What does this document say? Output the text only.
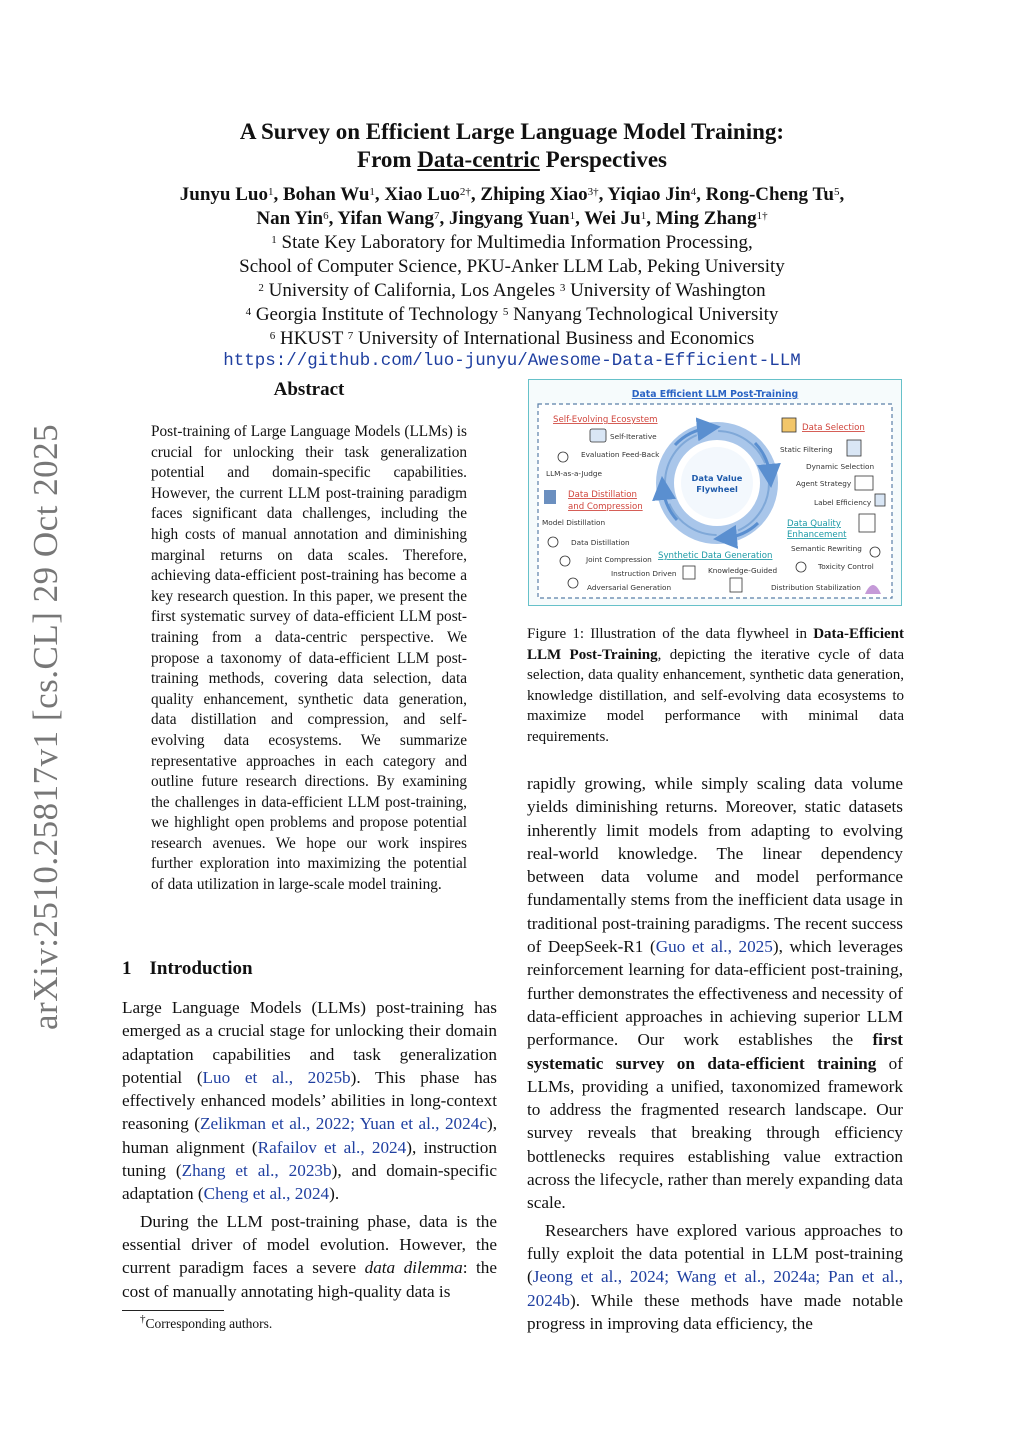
arXiv:2510.25817v1 [cs.CL] 29 Oct 2025
A Survey on Efficient Large Language Model Training:
From Data-centric Perspectives
Junyu Luo$^1$, Bohan Wu$^1$, Xiao Luo$^{2\dagger}$, Zhiping Xiao$^{3\dagger}$, Yiqiao Jin$^4$, Rong-Cheng Tu$^5$,
Nan Yin$^6$, Yifan Wang$^7$, Jingyang Yuan$^1$, Wei Ju$^1$, Ming Zhang$^{1\dagger}$
$^1$ State Key Laboratory for Multimedia Information Processing,
School of Computer Science, PKU-Anker LLM Lab, Peking University
$^2$ University of California, Los Angeles $^3$ University of Washington
$^4$ Georgia Institute of Technology $^5$ Nanyang Technological University
$^6$ HKUST $^7$ University of International Business and Economics
https://github.com/luo-junyu/Awesome-Data-Efficient-LLM
Abstract
Post-training of Large Language Models (LLMs) is crucial for unlocking their task generalization potential and domain-specific capabilities. However, the current LLM post-training paradigm faces significant data challenges, including the high costs of manual annotation and diminishing marginal returns on data scales. Therefore, achieving data-efficient post-training has become a key research question. In this paper, we present the first systematic survey of data-efficient LLM post-training from a data-centric perspective. We propose a taxonomy of data-efficient LLM post-training methods, covering data selection, data quality enhancement, synthetic data generation, data distillation and compression, and self-evolving data ecosystems. We summarize representative approaches in each category and outline future research directions. By examining the challenges in data-efficient LLM post-training, we highlight open problems and propose potential research avenues. We hope our work inspires further exploration into maximizing the potential of data utilization in large-scale model training.
1 Introduction

Large Language Models (LLMs) post-training has emerged as a crucial stage for unlocking their domain adaptation capabilities and task generalization potential (Luo et al., 2025b). This phase has effectively enhanced models’ abilities in long-context reasoning (Zelikman et al., 2022; Yuan et al., 2024c), human alignment (Rafailov et al., 2024), instruction tuning (Zhang et al., 2023b), and domain-specific adaptation (Cheng et al., 2024).

During the LLM post-training phase, data is the essential driver of model evolution. However, the current paradigm faces a severe data dilemma: the cost of manually annotating high-quality data is

†Corresponding authors.
Data Efficient LLM Post-Training
Data Value
Flywheel
Self-Evolving Ecosystem
Self-Iterative
Evaluation Feed-Back
LLM-as-a-Judge
Data Distillation
and Compression
Model Distillation
Data Distillation
Joint Compression
Adversarial Generation
Synthetic Data Generation
Instruction Driven	Knowledge-Guided
Data Selection
Static Filtering
Dynamic Selection
Agent Strategy
Label Efficiency
Data Quality
Enhancement
Semantic Rewriting
Toxicity Control
Distribution Stabilization
Figure 1: Illustration of the data flywheel in Data-Efficient LLM Post-Training, depicting the iterative cycle of data selection, data quality enhancement, synthetic data generation, knowledge distillation, and self-evolving data ecosystems to maximize model performance with minimal data requirements.

rapidly growing, while simply scaling data volume yields diminishing returns. Moreover, static datasets inherently limit models from adapting to evolving real-world knowledge. The linear dependency between data volume and model performance fundamentally stems from the inefficient data usage in traditional post-training paradigms. The recent success of DeepSeek-R1 (Guo et al., 2025), which leverages reinforcement learning for data-efficient post-training, further demonstrates the effectiveness and necessity of data-efficient approaches in achieving superior LLM performance. Our work establishes the first systematic survey on data-efficient training of LLMs, providing a unified, taxonomized framework to address the fragmented research landscape. Our survey reveals that breaking through efficiency bottlenecks requires establishing value extraction across the lifecycle, rather than merely expanding data scale.

Researchers have explored various approaches to fully exploit the data potential in LLM post-training (Jeong et al., 2024; Wang et al., 2024a; Pan et al., 2024b). While these methods have made notable progress in improving data efficiency, the
